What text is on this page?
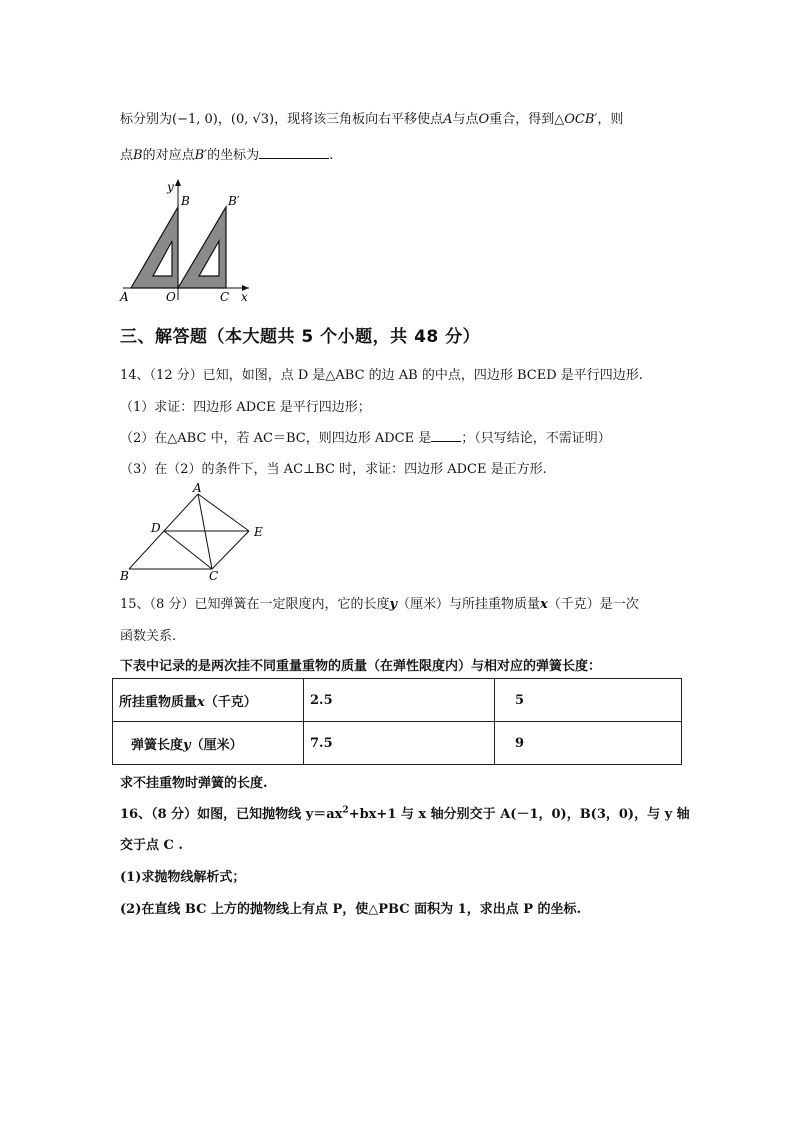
标分别为(−1, 0)，(0, √3)，现将该三角板向右平移使点A与点O重合，得到△OCB′，则
点B的对应点B′的坐标为	.
y
B	B′
A	O	C x
三、解答题（本大题共 5 个小题，共 48 分）
14、（12 分）已知，如图，点 D 是△ABC 的边 AB 的中点，四边形 BCED 是平行四边形.
（1）求证：四边形 ADCE 是平行四边形；
（2）在△ABC 中，若 AC＝BC，则四边形 ADCE 是 ；（只写结论，不需证明）
（3）在（2）的条件下，当 AC⊥BC 时，求证：四边形 ADCE 是正方形.
A
D	E
B	C
15、（8 分）已知弹簧在一定限度内，它的长度y（厘米）与所挂重物质量x（千克）是一次
函数关系.
下表中记录的是两次挂不同重量重物的质量（在弹性限度内）与相对应的弹簧长度：
所挂重物质量x（千克）	2.5	5
弹簧长度y（厘米）	7.5	9
求不挂重物时弹簧的长度.
16、（8 分）如图，已知抛物线 $y=ax^2+bx+1$ 与 x 轴分别交于 A(－1，0)，B(3，0)，与 y 轴
交于点 C .
(1)求抛物线解析式；
(2)在直线 BC 上方的抛物线上有点 P，使△PBC 面积为 1，求出点 P 的坐标.
